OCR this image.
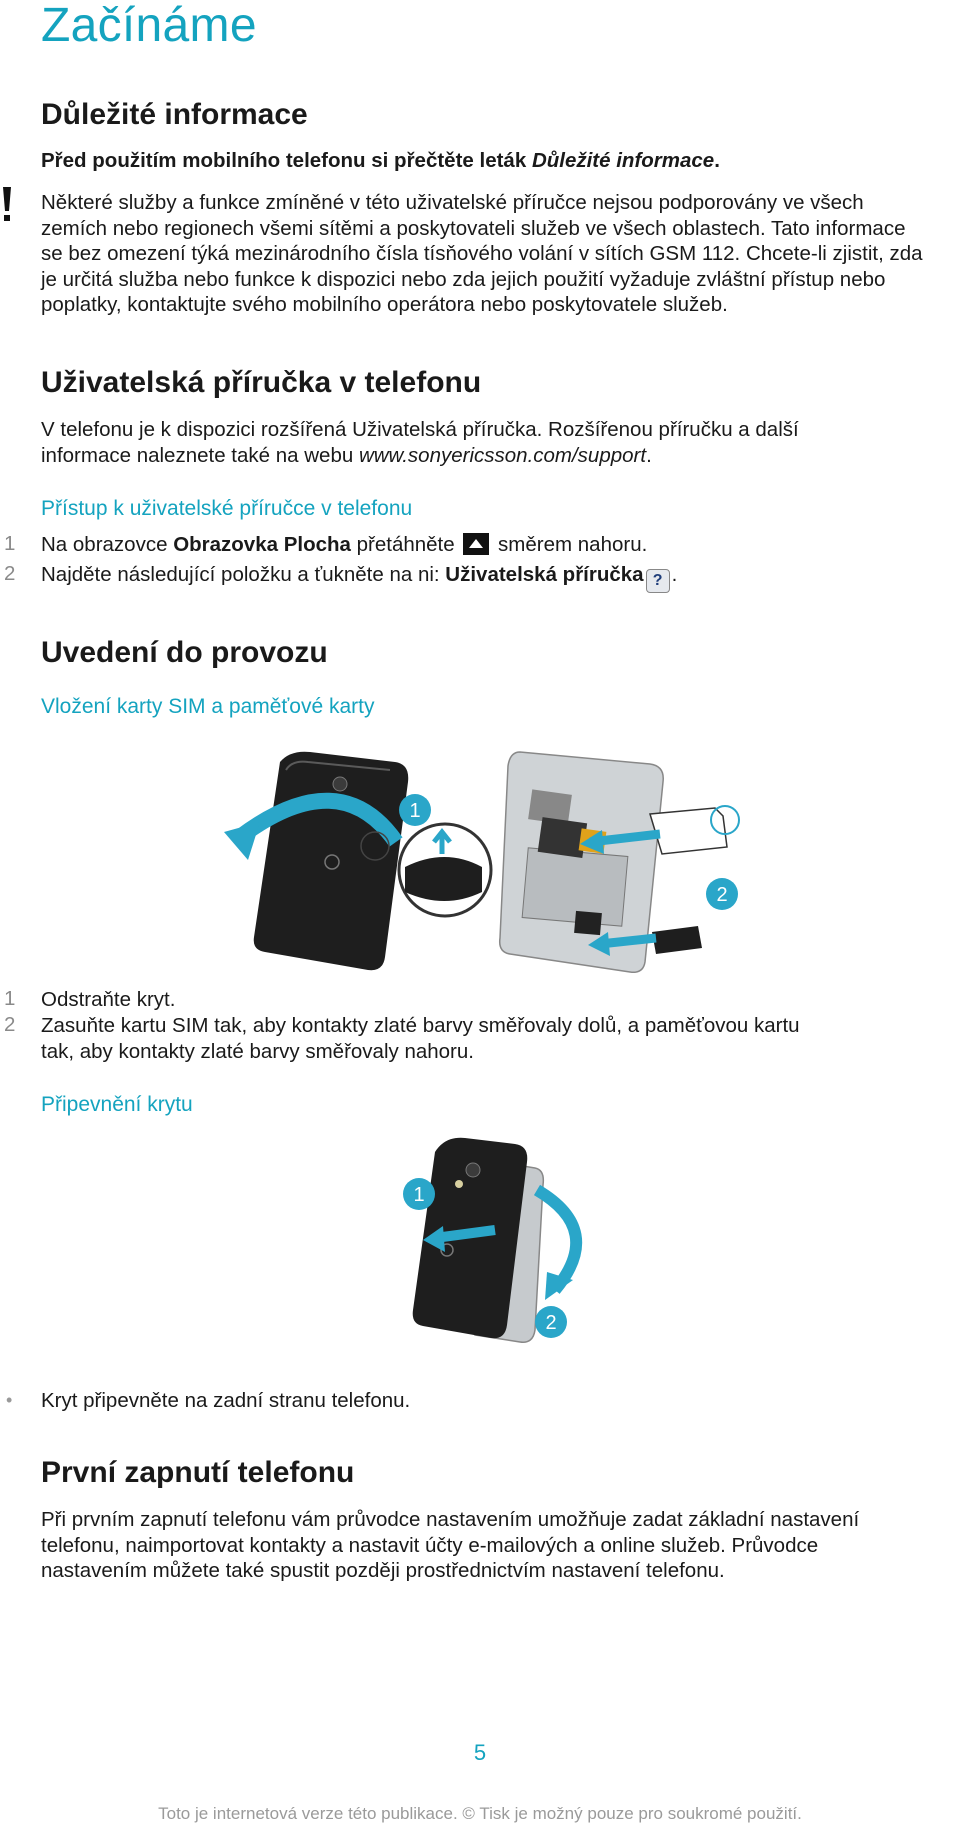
Začínáme
Důležité informace
Před použitím mobilního telefonu si přečtěte leták Důležité informace.
Některé služby a funkce zmíněné v této uživatelské příručce nejsou podporovány ve všech
zemích nebo regionech všemi sítěmi a poskytovateli služeb ve všech oblastech. Tato informace
se bez omezení týká mezinárodního čísla tísňového volání v sítích GSM 112. Chcete-li zjistit, zda
je určitá služba nebo funkce k dispozici nebo zda jejich použití vyžaduje zvláštní přístup nebo
poplatky, kontaktujte svého mobilního operátora nebo poskytovatele služeb.
Uživatelská příručka v telefonu
V telefonu je k dispozici rozšířená Uživatelská příručka. Rozšířenou příručku a další
informace naleznete také na webu www.sonyericsson.com/support.
Přístup k uživatelské příručce v telefonu
1 Na obrazovce Obrazovka Plocha přetáhněte  směrem nahoru.
2 Najděte následující položku a ťukněte na ni: Uživatelská příručka ? .
Uvedení do provozu
Vložení karty SIM a paměťové karty
1
2
1 Odstraňte kryt.
2 Zasuňte kartu SIM tak, aby kontakty zlaté barvy směřovaly dolů, a paměťovou kartu
tak, aby kontakty zlaté barvy směřovaly nahoru.
Připevnění krytu
1
2
• Kryt připevněte na zadní stranu telefonu.
První zapnutí telefonu
Při prvním zapnutí telefonu vám průvodce nastavením umožňuje zadat základní nastavení
telefonu, naimportovat kontakty a nastavit účty e-mailových a online služeb. Průvodce
nastavením můžete také spustit později prostřednictvím nastavení telefonu.
5
Toto je internetová verze této publikace. © Tisk je možný pouze pro soukromé použití.
